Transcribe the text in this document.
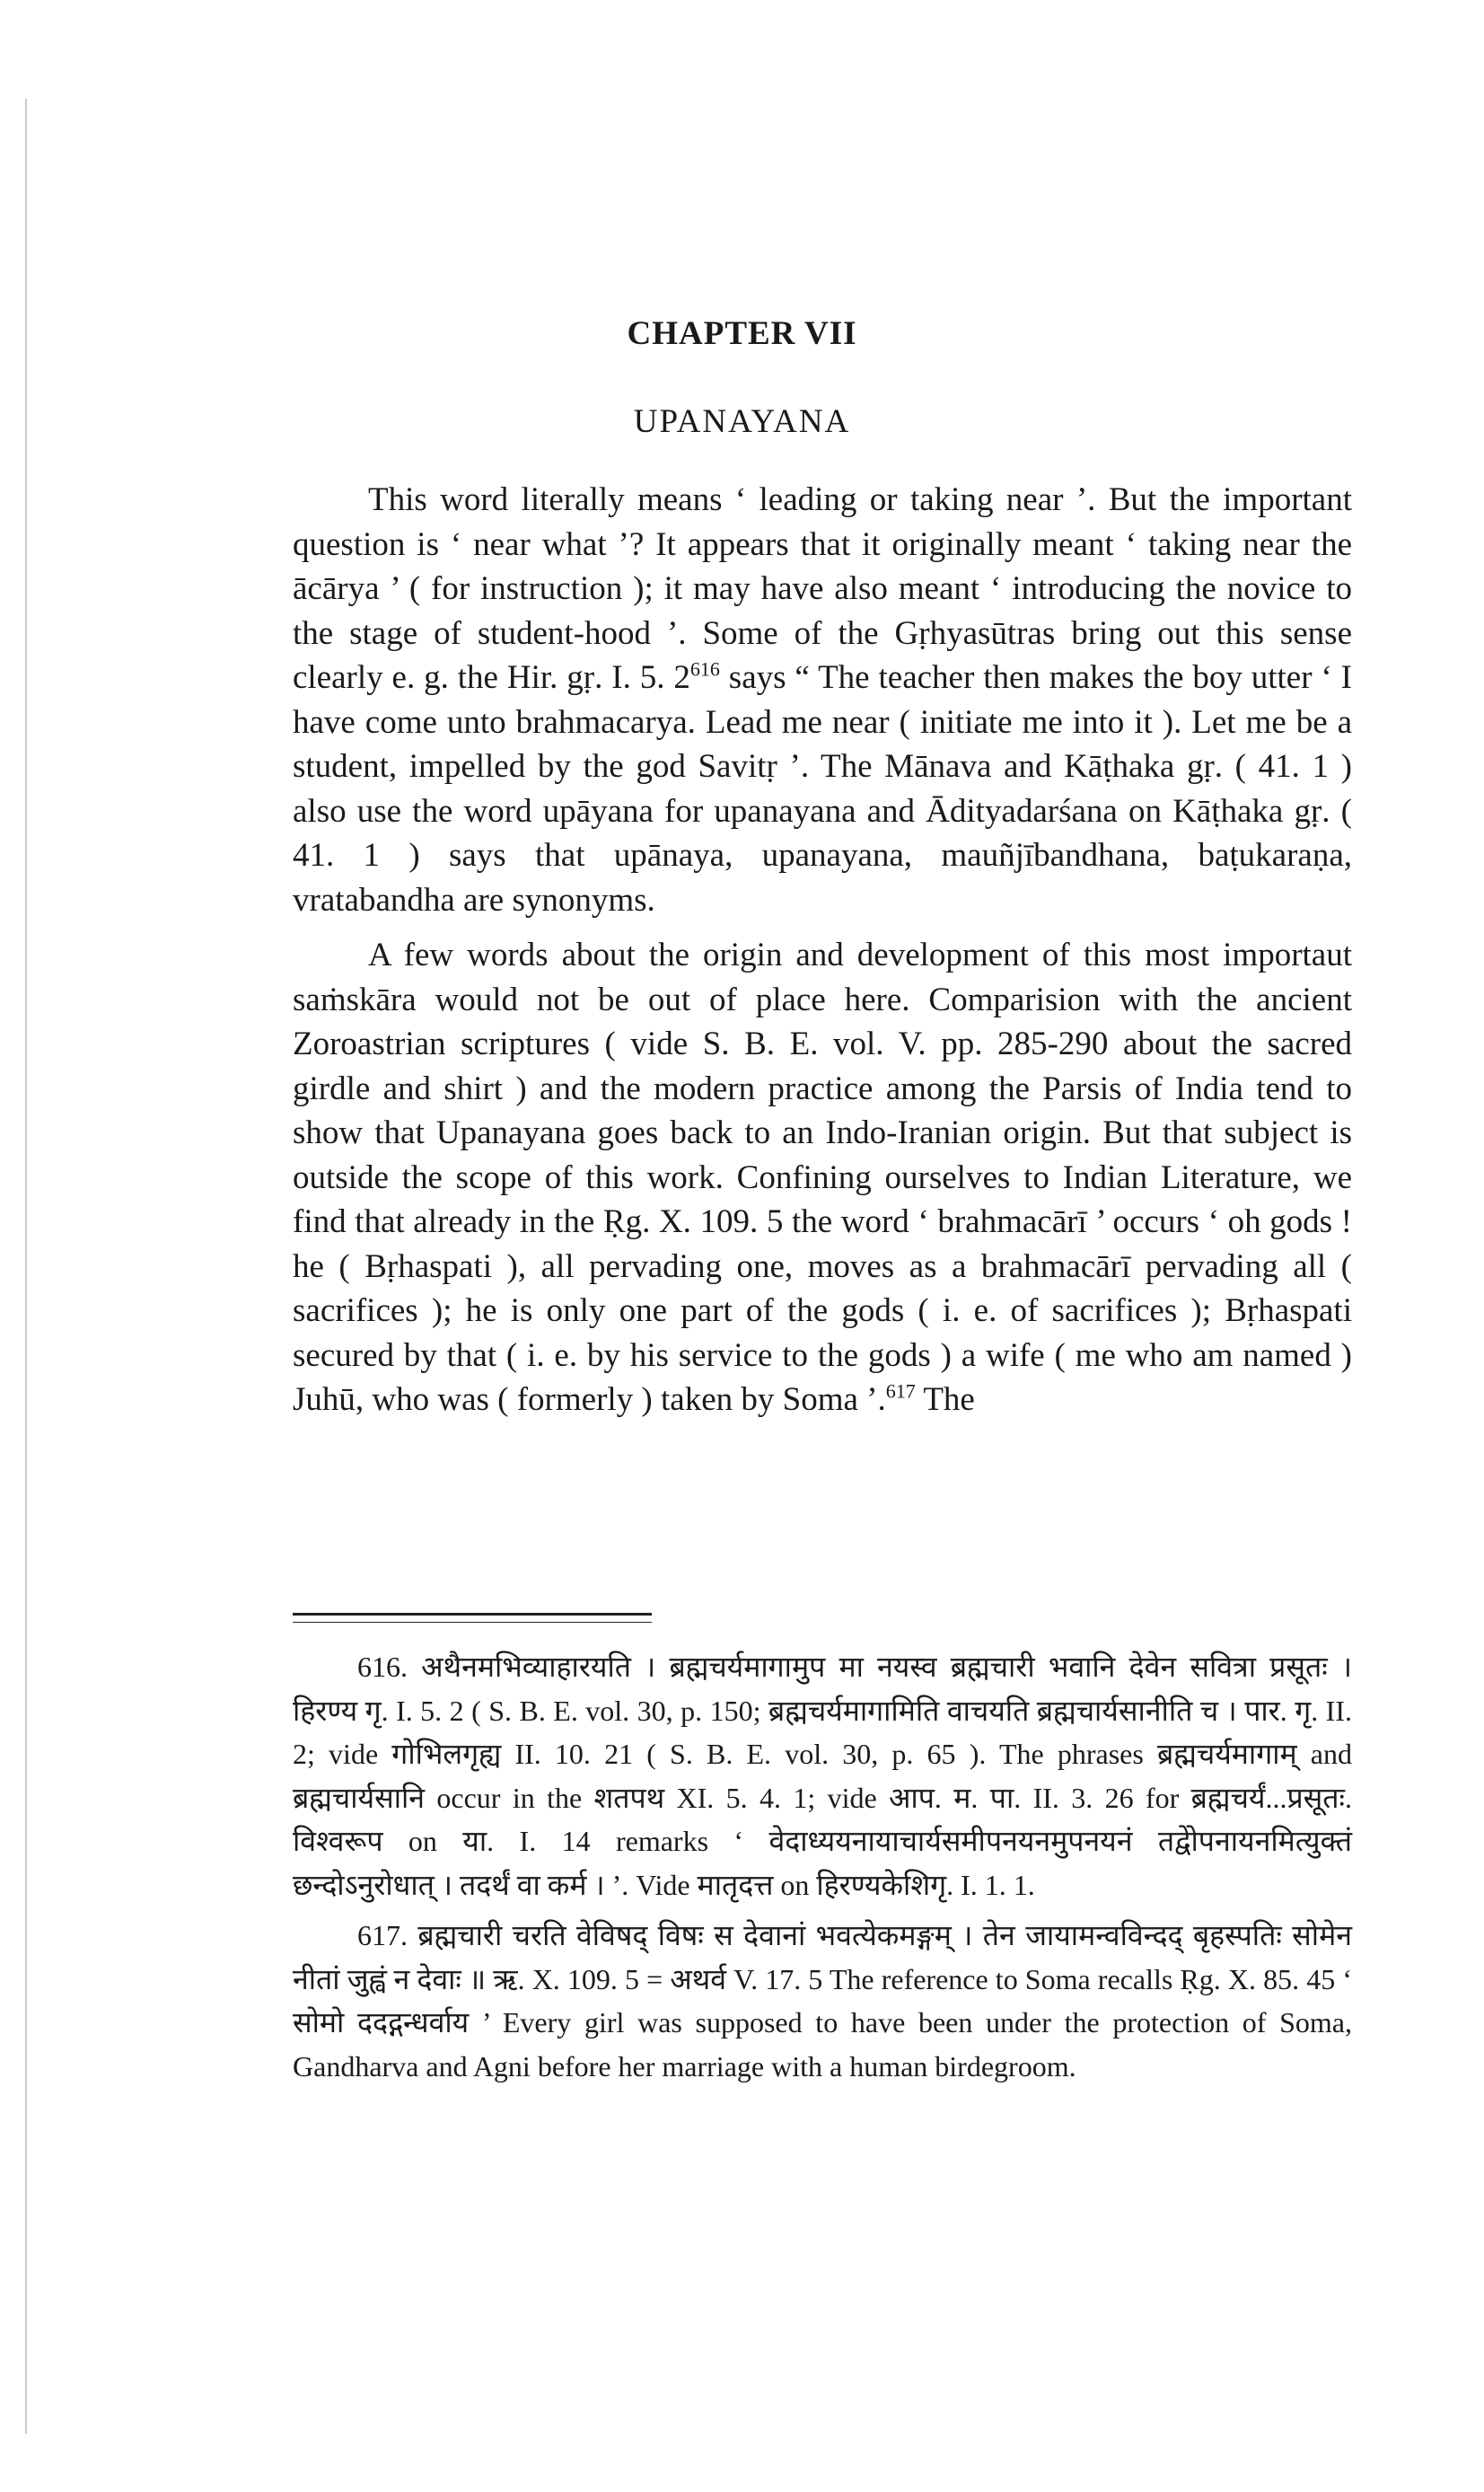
CHAPTER VII
UPANAYANA

This word literally means ‘ leading or taking near ’. But the important question is ‘ near what ’? It appears that it originally meant ‘ taking near the ācārya ’ ( for instruction ); it may have also meant ‘ introducing the novice to the stage of student-hood ’. Some of the Gṛhyasūtras bring out this sense clearly e. g. the Hir. gṛ. I. 5. $2^{616}$ says “ The teacher then makes the boy utter ‘ I have come unto brahmacarya. Lead me near ( initiate me into it ). Let me be a student, impelled by the god Savitṛ ’. The Mānava and Kāṭhaka gṛ. ( 41. 1 ) also use the word upāyana for upanayana and Ādityadarśana on Kāṭhaka gṛ. ( 41. 1 ) says that upānaya, upanayana, mauñjībandhana, baṭukaraṇa, vratabandha are synonyms.

A few words about the origin and development of this most importaut saṁskāra would not be out of place here. Comparision with the ancient Zoroastrian scriptures ( vide S. B. E. vol. V. pp. 285-290 about the sacred girdle and shirt ) and the modern practice among the Parsis of India tend to show that Upanayana goes back to an Indo-Iranian origin. But that subject is outside the scope of this work. Confining ourselves to Indian Literature, we find that already in the Ṛg. X. 109. 5 the word ‘ brahmacārī ’ occurs ‘ oh gods ! he ( Bṛhaspati ), all pervading one, moves as a brahmacārī pervading all ( sacrifices ); he is only one part of the gods ( i. e. of sacrifices ); Bṛhaspati secured by that ( i. e. by his service to the gods ) a wife ( me who am named ) Juhū, who was ( formerly ) taken by Soma ’.$^{617}$ The

616. अथैनमभिव्याहारयति । ब्रह्मचर्यमागामुप मा नयस्व ब्रह्मचारी भवानि देवेन सवित्रा प्रसूतः । हिरण्य गृ. I. 5. 2 ( S. B. E. vol. 30, p. 150; ब्रह्मचर्यमागामिति वाचयति ब्रह्मचार्यसानीति च । पार. गृ. II. 2; vide गोभिलगृह्य II. 10. 21 ( S. B. E. vol. 30, p. 65 ). The phrases ब्रह्मचर्यमागाम् and ब्रह्मचार्यसानि occur in the शतपथ XI. 5. 4. 1; vide आप. म. पा. II. 3. 26 for ब्रह्मचर्यं...प्रसूतः. विश्वरूप on या. I. 14 remarks ‘ वेदाध्ययनायाचार्यसमीपनयनमुपनयनं तद्वेोपनायनमित्युक्तं छन्दोऽनुरोधात् । तदर्थं वा कर्म । ’. Vide मातृदत्त on हिरण्यकेशिगृ. I. 1. 1.

617. ब्रह्मचारी चरति वेविषद् विषः स देवानां भवत्येकमङ्गम् । तेन जायामन्वविन्दद् बृहस्पतिः सोमेन नीतां जुह्वं न देवाः ॥ ऋ. X. 109. 5 = अथर्व V. 17. 5 The reference to Soma recalls Ṛg. X. 85. 45 ‘ सोमो ददद्गन्धर्वाय ’ Every girl was supposed to have been under the protection of Soma, Gandharva and Agni before her marriage with a human birdegroom.
